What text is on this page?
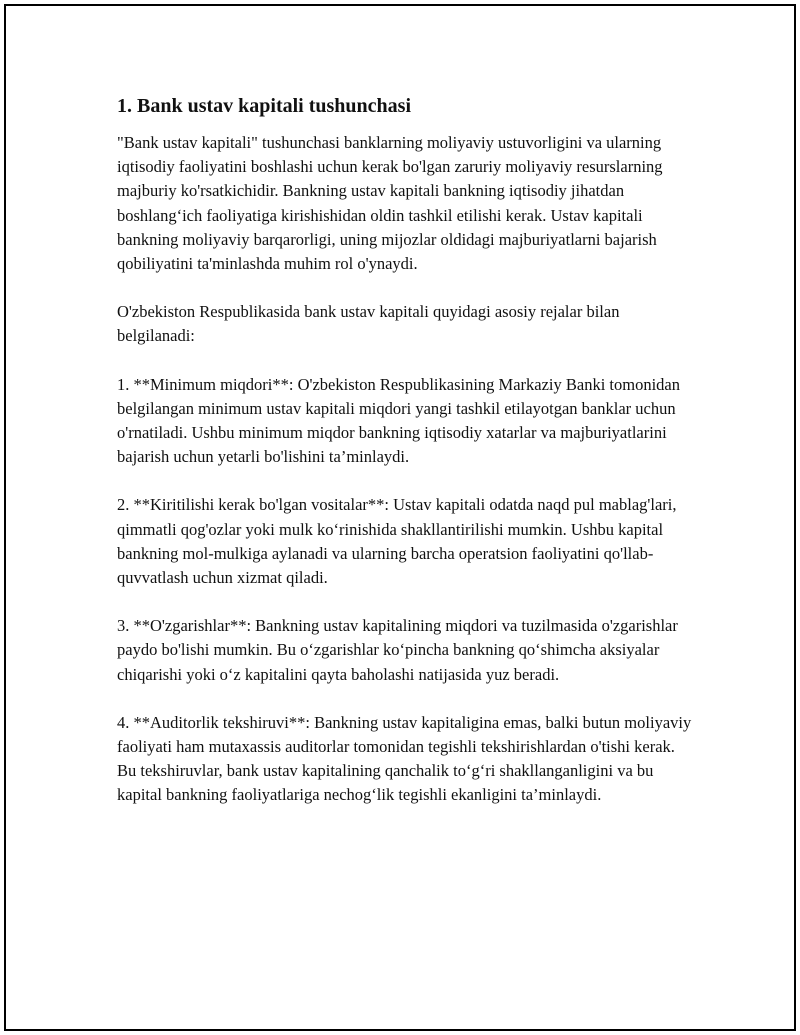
1. Bank ustav kapitali tushunchasi

"Bank ustav kapitali" tushunchasi banklarning moliyaviy ustuvorligini va ularning iqtisodiy faoliyatini boshlashi uchun kerak bo'lgan zaruriy moliyaviy resurslarning majburiy ko'rsatkichidir. Bankning ustav kapitali bankning iqtisodiy jihatdan boshlang‘ich faoliyatiga kirishishidan oldin tashkil etilishi kerak. Ustav kapitali bankning moliyaviy barqarorligi, uning mijozlar oldidagi majburiyatlarni bajarish qobiliyatini ta'minlashda muhim rol o'ynaydi.

O'zbekiston Respublikasida bank ustav kapitali quyidagi asosiy rejalar bilan belgilanadi:

1. **Minimum miqdori**: O'zbekiston Respublikasining Markaziy Banki tomonidan belgilangan minimum ustav kapitali miqdori yangi tashkil etilayotgan banklar uchun o'rnatiladi. Ushbu minimum miqdor bankning iqtisodiy xatarlar va majburiyatlarini bajarish uchun yetarli bo'lishini ta’minlaydi.

2. **Kiritilishi kerak bo'lgan vositalar**: Ustav kapitali odatda naqd pul mablag'lari, qimmatli qog'ozlar yoki mulk ko‘rinishida shakllantirilishi mumkin. Ushbu kapital bankning mol-mulkiga aylanadi va ularning barcha operatsion faoliyatini qo'llab-quvvatlash uchun xizmat qiladi.

3. **O'zgarishlar**: Bankning ustav kapitalining miqdori va tuzilmasida o'zgarishlar paydo bo'lishi mumkin. Bu o‘zgarishlar ko‘pincha bankning qo‘shimcha aksiyalar chiqarishi yoki o‘z kapitalini qayta baholashi natijasida yuz beradi.

4. **Auditorlik tekshiruvi**: Bankning ustav kapitaligina emas, balki butun moliyaviy faoliyati ham mutaxassis auditorlar tomonidan tegishli tekshirishlardan o'tishi kerak. Bu tekshiruvlar, bank ustav kapitalining qanchalik to‘g‘ri shakllanganligini va bu kapital bankning faoliyatlariga nechog‘lik tegishli ekanligini ta’minlaydi.
